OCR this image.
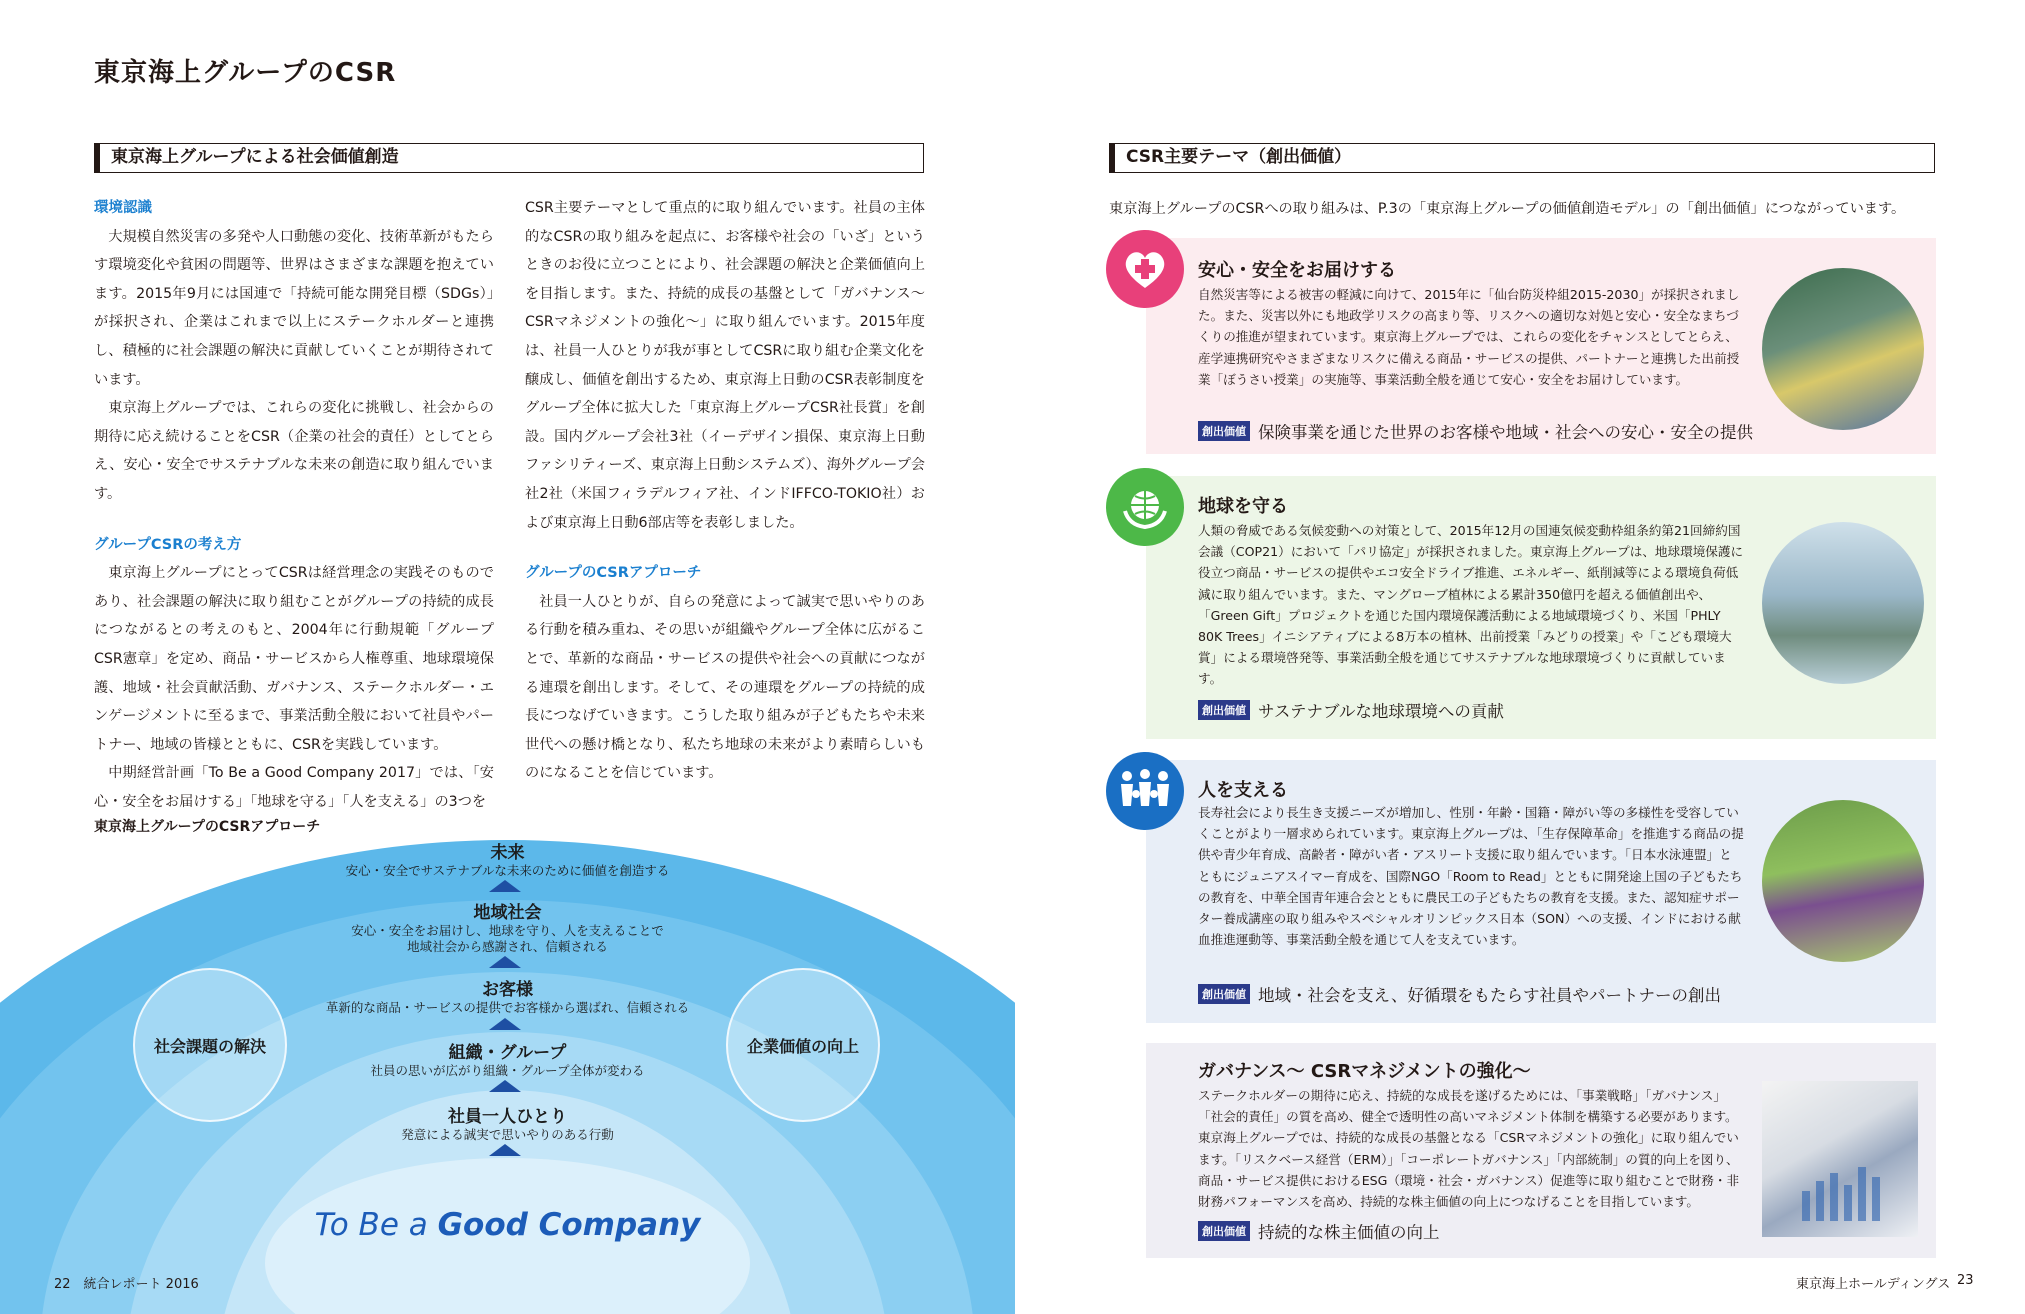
東京海上グループのCSR
東京海上グループによる社会価値創造
環境認識

大規模自然災害の多発や人口動態の変化、技術革新がもたらす環境変化や貧困の問題等、世界はさまざまな課題を抱えています。2015年9月には国連で「持続可能な開発目標（SDGs）」が採択され、企業はこれまで以上にステークホルダーと連携し、積極的に社会課題の解決に貢献していくことが期待されています。

東京海上グループでは、これらの変化に挑戦し、社会からの期待に応え続けることをCSR（企業の社会的責任）としてとらえ、安心・安全でサステナブルな未来の創造に取り組んでいます。

グループCSRの考え方

東京海上グループにとってCSRは経営理念の実践そのものであり、社会課題の解決に取り組むことがグループの持続的成長につながるとの考えのもと、2004年に行動規範「グループCSR憲章」を定め、商品・サービスから人権尊重、地球環境保護、地域・社会貢献活動、ガバナンス、ステークホルダー・エンゲージメントに至るまで、事業活動全般において社員やパートナー、地域の皆様とともに、CSRを実践しています。

中期経営計画「To Be a Good Company 2017」では、「安心・安全をお届けする」「地球を守る」「人を支える」の3つを

CSR主要テーマとして重点的に取り組んでいます。社員の主体的なCSRの取り組みを起点に、お客様や社会の「いざ」というときのお役に立つことにより、社会課題の解決と企業価値向上を目指します。また、持続的成長の基盤として「ガバナンス〜CSRマネジメントの強化〜」に取り組んでいます。2015年度は、社員一人ひとりが我が事としてCSRに取り組む企業文化を醸成し、価値を創出するため、東京海上日動のCSR表彰制度をグループ全体に拡大した「東京海上グループCSR社長賞」を創設。国内グループ会社3社（イーデザイン損保、東京海上日動ファシリティーズ、東京海上日動システムズ）、海外グループ会社2社（米国フィラデルフィア社、インドIFFCO-TOKIO社）および東京海上日動6部店等を表彰しました。
グループのCSRアプローチ

社員一人ひとりが、自らの発意によって誠実で思いやりのある行動を積み重ね、その思いが組織やグループ全体に広がることで、革新的な商品・サービスの提供や社会への貢献につながる連環を創出します。そして、その連環をグループの持続的成長につなげていきます。こうした取り組みが子どもたちや未来世代への懸け橋となり、私たち地球の未来がより素晴らしいものになることを信じています。

東京海上グループのCSRアプローチ
未来
安心・安全でサステナブルな未来のために価値を創造する
地域社会
安心・安全をお届けし、地球を守り、人を支えることで
地域社会から感謝され、信頼される
お客様
革新的な商品・サービスの提供でお客様から選ばれ、信頼される
組織・グループ
社員の思いが広がり組織・グループ全体が変わる
社員一人ひとり
発意による誠実で思いやりのある行動
社会課題の解決	企業価値の向上
To Be a Good Company
22　統合レポート 2016
CSR主要テーマ（創出価値）
東京海上グループのCSRへの取り組みは、P.3の「東京海上グループの価値創造モデル」の「創出価値」につながっています。
安心・安全をお届けする
自然災害等による被害の軽減に向けて、2015年に「仙台防災枠組2015-2030」が採択されました。また、災害以外にも地政学リスクの高まり等、リスクへの適切な対処と安心・安全なまちづくりの推進が望まれています。東京海上グループでは、これらの変化をチャンスとしてとらえ、産学連携研究やさまざまなリスクに備える商品・サービスの提供、パートナーと連携した出前授業「ぼうさい授業」の実施等、事業活動全般を通じて安心・安全をお届けしています。
創出価値 保険事業を通じた世界のお客様や地域・社会への安心・安全の提供
地球を守る
人類の脅威である気候変動への対策として、2015年12月の国連気候変動枠組条約第21回締約国会議（COP21）において「パリ協定」が採択されました。東京海上グループは、地球環境保護に役立つ商品・サービスの提供やエコ安全ドライブ推進、エネルギー、紙削減等による環境負荷低減に取り組んでいます。また、マングローブ植林による累計350億円を超える価値創出や、「Green Gift」プロジェクトを通じた国内環境保護活動による地域環境づくり、米国「PHLY 80K Trees」イニシアティブによる8万本の植林、出前授業「みどりの授業」や「こども環境大賞」による環境啓発等、事業活動全般を通じてサステナブルな地球環境づくりに貢献しています。
創出価値 サステナブルな地球環境への貢献
人を支える
長寿社会により長生き支援ニーズが増加し、性別・年齢・国籍・障がい等の多様性を受容していくことがより一層求められています。東京海上グループは、「生存保障革命」を推進する商品の提供や青少年育成、高齢者・障がい者・アスリート支援に取り組んでいます。「日本水泳連盟」とともにジュニアスイマー育成を、国際NGO「Room to Read」とともに開発途上国の子どもたちの教育を、中華全国青年連合会とともに農民工の子どもたちの教育を支援。また、認知症サポーター養成講座の取り組みやスペシャルオリンピックス日本（SON）への支援、インドにおける献血推進運動等、事業活動全般を通じて人を支えています。
創出価値 地域・社会を支え、好循環をもたらす社員やパートナーの創出
ガバナンス〜 CSRマネジメントの強化〜
ステークホルダーの期待に応え、持続的な成長を遂げるためには、「事業戦略」「ガバナンス」「社会的責任」の質を高め、健全で透明性の高いマネジメント体制を構築する必要があります。東京海上グループでは、持続的な成長の基盤となる「CSRマネジメントの強化」に取り組んでいます。「リスクベース経営（ERM）」「コーポレートガバナンス」「内部統制」の質的向上を図り、商品・サービス提供におけるESG（環境・社会・ガバナンス）促進等に取り組むことで財務・非財務パフォーマンスを高め、持続的な株主価値の向上につなげることを目指しています。
創出価値 持続的な株主価値の向上
東京海上ホールディングス 23
